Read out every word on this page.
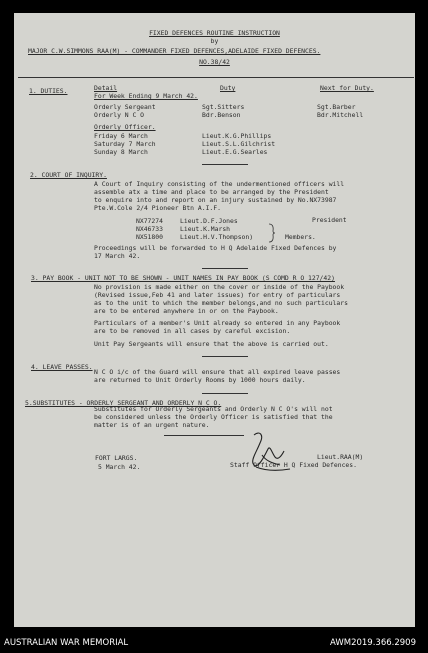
FIXED DEFENCES ROUTINE INSTRUCTION
by
MAJOR C.W.SIMMONS RAA(M) - COMMANDER FIXED DEFENCES,ADELAIDE FIXED DEFENCES.
NO.38/42
1. DUTIES.	Detail	Duty	Next for Duty.
For Week Ending 9 March 42.
Orderly Sergeant	Sgt.Sitters	Sgt.Barber
Orderly N C O	Bdr.Benson	Bdr.Mitchell
Orderly Officer.
Friday 6 March	Lieut.K.G.Phillips
Saturday 7 March	Lieut.S.L.Gilchrist
Sunday 8 March	Lieut.E.G.Searles
2. COURT OF INQUIRY.
A Court of Inquiry consisting of the undermentioned officers will
assemble atx a time and place to be arranged by the President
to enquire into and report on an injury sustained by No.NX73987
Pte.W.Cole 2/4 Pioneer Btn A.I.F.
NX77274	Lieut.D.F.Jones	President
NX46733	Lieut.K.Marsh
NX51800	Lieut.H.V.Thompson)	Members.
Proceedings will be forwarded to H Q Adelaide Fixed Defences by
17 March 42.
3. PAY BOOK - UNIT NOT TO BE SHOWN - UNIT NAMES IN PAY BOOK (S COMD R O 127/42)
No provision is made either on the cover or inside of the Paybook
(Revised issue,Feb 41 and later issues) for entry of particulars
as to the unit to which the member belongs,and no such particulars
are to be entered anywhere in or on the Paybook.
Particulars of a member's Unit already so entered in any Paybook
are to be removed in all cases by careful excision.
Unit Pay Sergeants will ensure that the above is carried out.
4. LEAVE PASSES.
N C O i/c of the Guard will ensure that all expired leave passes
are returned to Unit Orderly Rooms by 1000 hours daily.
5.SUBSTITUTES - ORDERLY SERGEANT AND ORDERLY N C O.
Substitutes for Orderly Sergeants and Orderly N C O's will not
be considered unless the Orderly Officer is satisfied that the
matter is of an urgent nature.
FORT LARGS.
5 March 42.
Lieut.RAA(M)
Staff Officer H Q Fixed Defences.
AUSTRALIAN WAR MEMORIAL	AWM2019.366.2909
